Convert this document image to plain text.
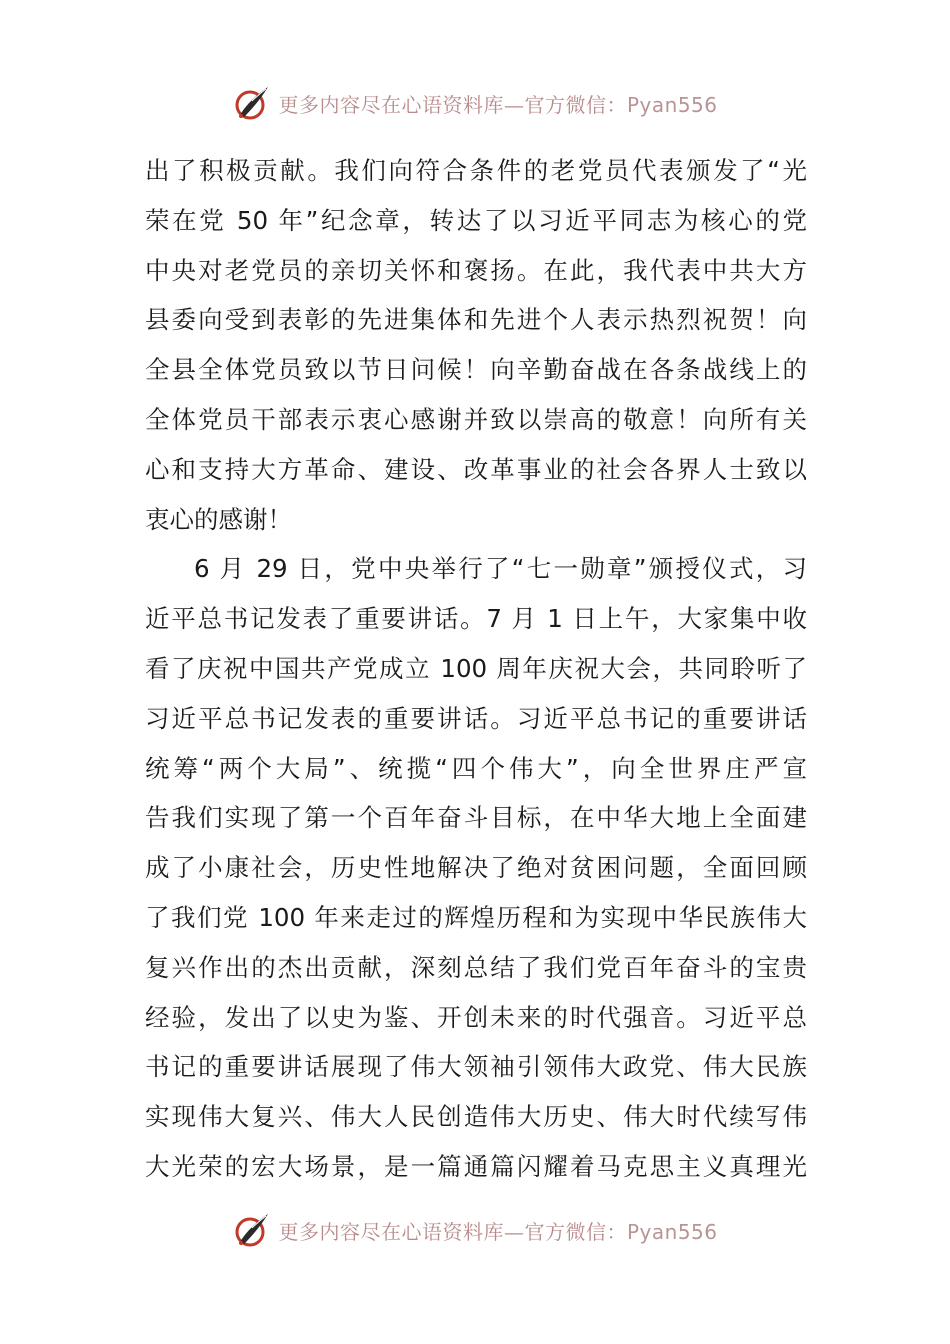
更多内容尽在心语资料库—官方微信：Pyan556
出了积极贡献。我们向符合条件的老党员代表颁发了“光
荣在党 50 年”纪念章，转达了以习近平同志为核心的党
中央对老党员的亲切关怀和褒扬。在此，我代表中共大方
县委向受到表彰的先进集体和先进个人表示热烈祝贺！向
全县全体党员致以节日问候！向辛勤奋战在各条战线上的
全体党员干部表示衷心感谢并致以崇高的敬意！向所有关
心和支持大方革命、建设、改革事业的社会各界人士致以
衷心的感谢！
6 月 29 日，党中央举行了“七一勋章”颁授仪式，习
近平总书记发表了重要讲话。7 月 1 日上午，大家集中收
看了庆祝中国共产党成立 100 周年庆祝大会，共同聆听了
习近平总书记发表的重要讲话。习近平总书记的重要讲话
统筹“两个大局”、统揽“四个伟大”，向全世界庄严宣
告我们实现了第一个百年奋斗目标，在中华大地上全面建
成了小康社会，历史性地解决了绝对贫困问题，全面回顾
了我们党 100 年来走过的辉煌历程和为实现中华民族伟大
复兴作出的杰出贡献，深刻总结了我们党百年奋斗的宝贵
经验，发出了以史为鉴、开创未来的时代强音。习近平总
书记的重要讲话展现了伟大领袖引领伟大政党、伟大民族
实现伟大复兴、伟大人民创造伟大历史、伟大时代续写伟
大光荣的宏大场景，是一篇通篇闪耀着马克思主义真理光
更多内容尽在心语资料库—官方微信：Pyan556
